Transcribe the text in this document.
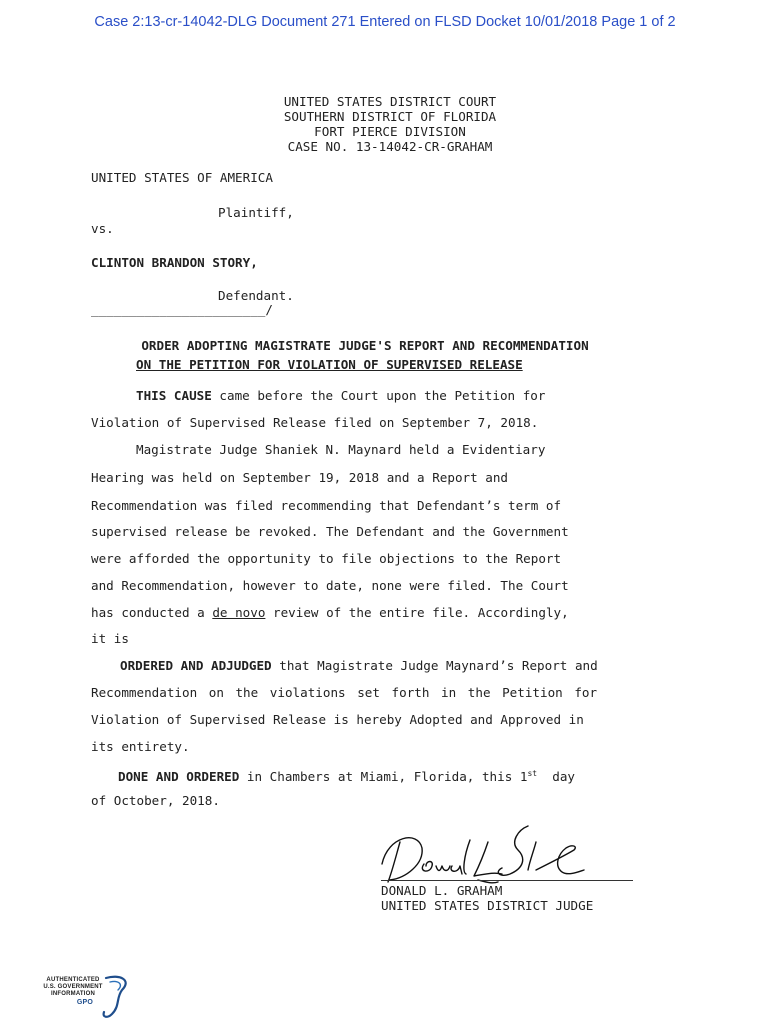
Case 2:13-cr-14042-DLG Document 271 Entered on FLSD Docket 10/01/2018 Page 1 of 2
UNITED STATES DISTRICT COURT
SOUTHERN DISTRICT OF FLORIDA
FORT PIERCE DIVISION
CASE NO. 13-14042-CR-GRAHAM
UNITED STATES OF AMERICA
Plaintiff,
vs.
CLINTON BRANDON STORY,
Defendant.
_______________________/
ORDER ADOPTING MAGISTRATE JUDGE'S REPORT AND RECOMMENDATION
ON THE PETITION FOR VIOLATION OF SUPERVISED RELEASE
THIS CAUSE came before the Court upon the Petition for
Violation of Supervised Release filed on September 7, 2018.
Magistrate Judge Shaniek N. Maynard held a Evidentiary
Hearing was held on September 19, 2018 and a Report and
Recommendation was filed recommending that Defendant’s term of
supervised release be revoked. The Defendant and the Government
were afforded the opportunity to file objections to the Report
and Recommendation, however to date, none were filed. The Court
has conducted a de novo review of the entire file. Accordingly,
it is
ORDERED AND ADJUDGED that Magistrate Judge Maynard’s Report and
Recommendation on the violations set forth in the Petition for
Violation of Supervised Release is hereby Adopted and Approved in
its entirety.
DONE AND ORDERED in Chambers at Miami, Florida, this 1st  day
of October, 2018.
DONALD L. GRAHAM
UNITED STATES DISTRICT JUDGE
AUTHENTICATED
U.S. GOVERNMENT
INFORMATION
GPO
